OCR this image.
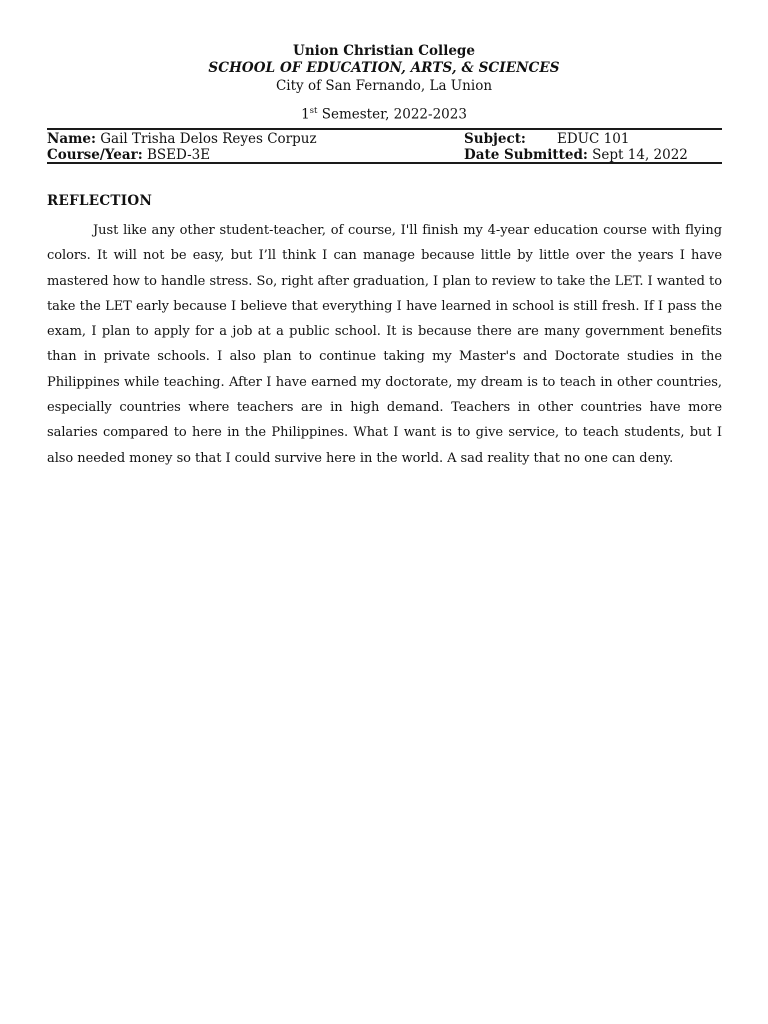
Union Christian College
SCHOOL OF EDUCATION, ARTS, & SCIENCES
City of San Fernando, La Union
1st Semester, 2022-2023
Name: Gail Trisha Delos Reyes Corpuz	Subject: EDUC 101
Course/Year: BSED-3E	Date Submitted: Sept 14, 2022
REFLECTION

Just like any other student-teacher, of course, I'll finish my 4-year education course with flying colors. It will not be easy, but I’ll think I can manage because little by little over the years I have mastered how to handle stress. So, right after graduation, I plan to review to take the LET. I wanted to take the LET early because I believe that everything I have learned in school is still fresh. If I pass the exam, I plan to apply for a job at a public school. It is because there are many government benefits than in private schools. I also plan to continue taking my Master's and Doctorate studies in the Philippines while teaching. After I have earned my doctorate, my dream is to teach in other countries, especially countries where teachers are in high demand. Teachers in other countries have more salaries compared to here in the Philippines. What I want is to give service, to teach students, but I also needed money so that I could survive here in the world. A sad reality that no one can deny.
